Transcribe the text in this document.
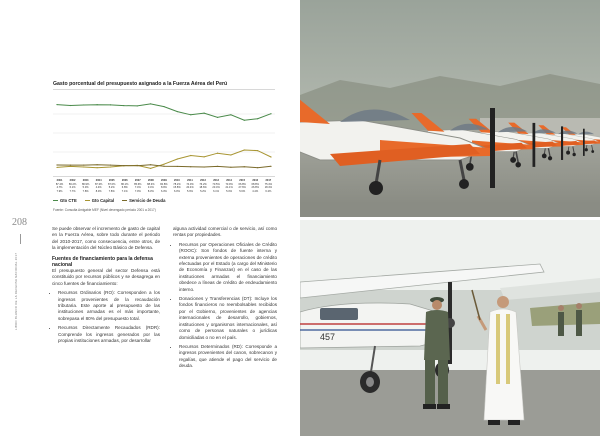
Gasto porcentual del presupuesto asignado a la Fuerza Aérea del Perú
2001	2002	2003	2004	2005	2006	2007	2008	2009	2010	2011	2012	2013	2014	2015	2016	2017
87.4%	86.2%	86.9%	87.3%	87.0%	86.1%	85.6%	88.3%	84.8%	78.2%	74.0%	76.2%	70.5%	73.9%	66.8%	68.8%	75.4%
4.7%	6.1%	5.3%	4.4%	5.2%	6.8%	7.4%	3.4%	8.9%	15.8%	20.4%	18.6%	23.4%	21.1%	27.6%	26.8%	18.4%
7.9%	7.7%	7.8%	8.3%	7.8%	7.1%	7.0%	8.3%	6.3%	6.0%	5.6%	5.2%	6.1%	5.0%	5.6%	4.4%	6.2%
Gto CTE	Gto Capital	Servicio de Deuda
Fuente: Consulta Amigable MEF (Nivel devengado periodo 2001 a 2017)
208
LIBRO BLANCO DE LA DEFENSA NACIONAL 2017

Se puede observar el incremento de gasto de capital en la Fuerza Aérea, sobre todo durante el periodo del 2010-2017, como consecuencia, entre otros, de la implementación del Núcleo Básico de Defensa.

Fuentes de financiamiento para la defensa nacional

El presupuesto general del sector Defensa está constituido por recursos públicos y se desagrega en cinco fuentes de financiamiento:

• Recursos Ordinarios (RO): Corresponden a los ingresos provenientes de la recaudación tributaria. Este aporte al presupuesto de las instituciones armadas es el más importante, sobrepasa el 80% del presupuesto total.
• Recursos Directamente Recaudados (RDR): Comprende los ingresos generados por las propias instituciones armadas, por desarrollar

alguna actividad comercial o de servicio, así como rentas por propiedades.

• Recursos por Operaciones Oficiales de Crédito (ROOC): Son fondos de fuente interna y externa provenientes de operaciones de crédito efectuadas por el Estado (a cargo del Ministerio de Economía y Finanzas) en el caso de las instituciones armadas el financiamiento obedece a líneas de crédito de endeudamiento interno.
• Donaciones y Transferencias (DT): Incluye los fondos financieros no reembolsables recibidos por el Gobierno, provenientes de agencias internacionales de desarrollo, gobiernos, instituciones y organismos internacionales, así como de personas naturales o jurídicas domiciliadas o no en el país.
• Recursos Determinados (RD): Corresponde a ingresos provenientes del canon, sobrecanon y regalías, que atiende el pago del servicio de deuda.
457
